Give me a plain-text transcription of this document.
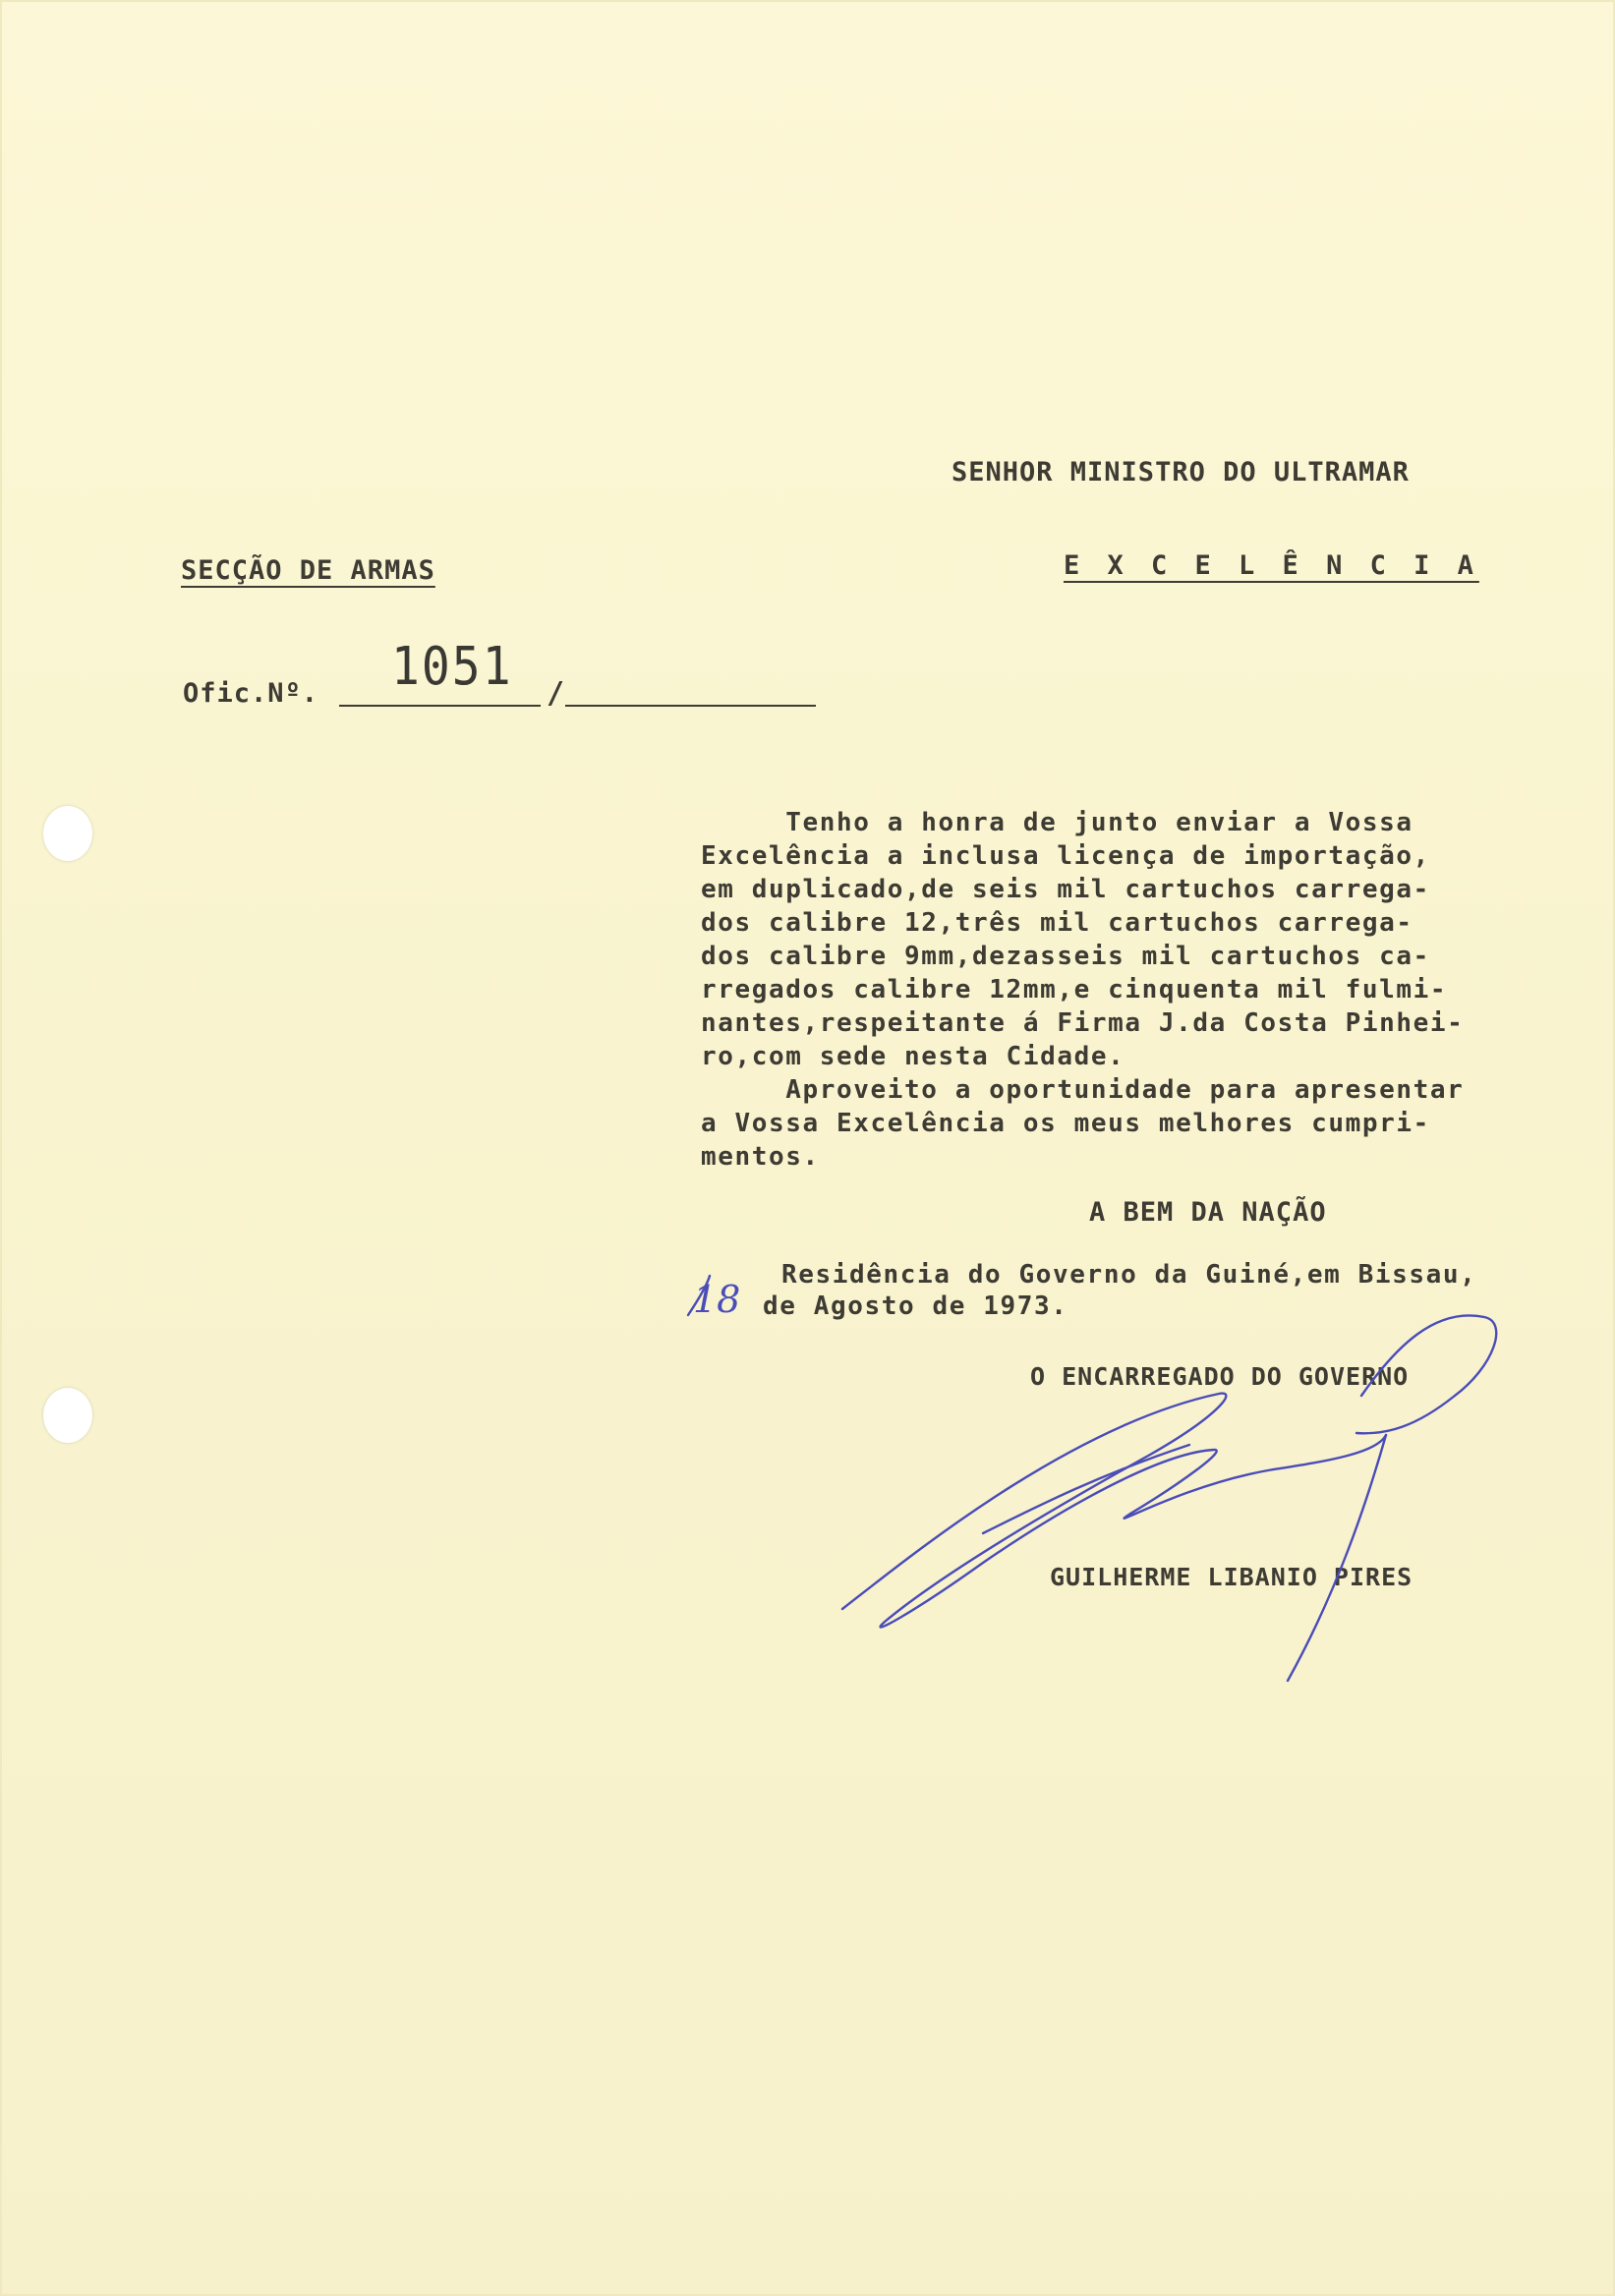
SENHOR MINISTRO DO ULTRAMAR
SECÇÃO DE ARMAS	E X C E L Ê N C I A
Ofic.Nº. 1051 /
Tenho a honra de junto enviar a Vossa
Excelência a inclusa licença de importação,
em duplicado,de seis mil cartuchos carrega-
dos calibre 12,três mil cartuchos carrega-
dos calibre 9mm,dezasseis mil cartuchos ca-
rregados calibre 12mm,e cinquenta mil fulmi-
nantes,respeitante á Firma J.da Costa Pinhei-
ro,com sede nesta Cidade.
Aproveito a oportunidade para apresentar
a Vossa Excelência os meus melhores cumpri-
mentos.
A BEM DA NAÇÃO
Residência do Governo da Guiné,em Bissau,
18 de Agosto de 1973.
O ENCARREGADO DO GOVERNO
GUILHERME LIBANIO PIRES
